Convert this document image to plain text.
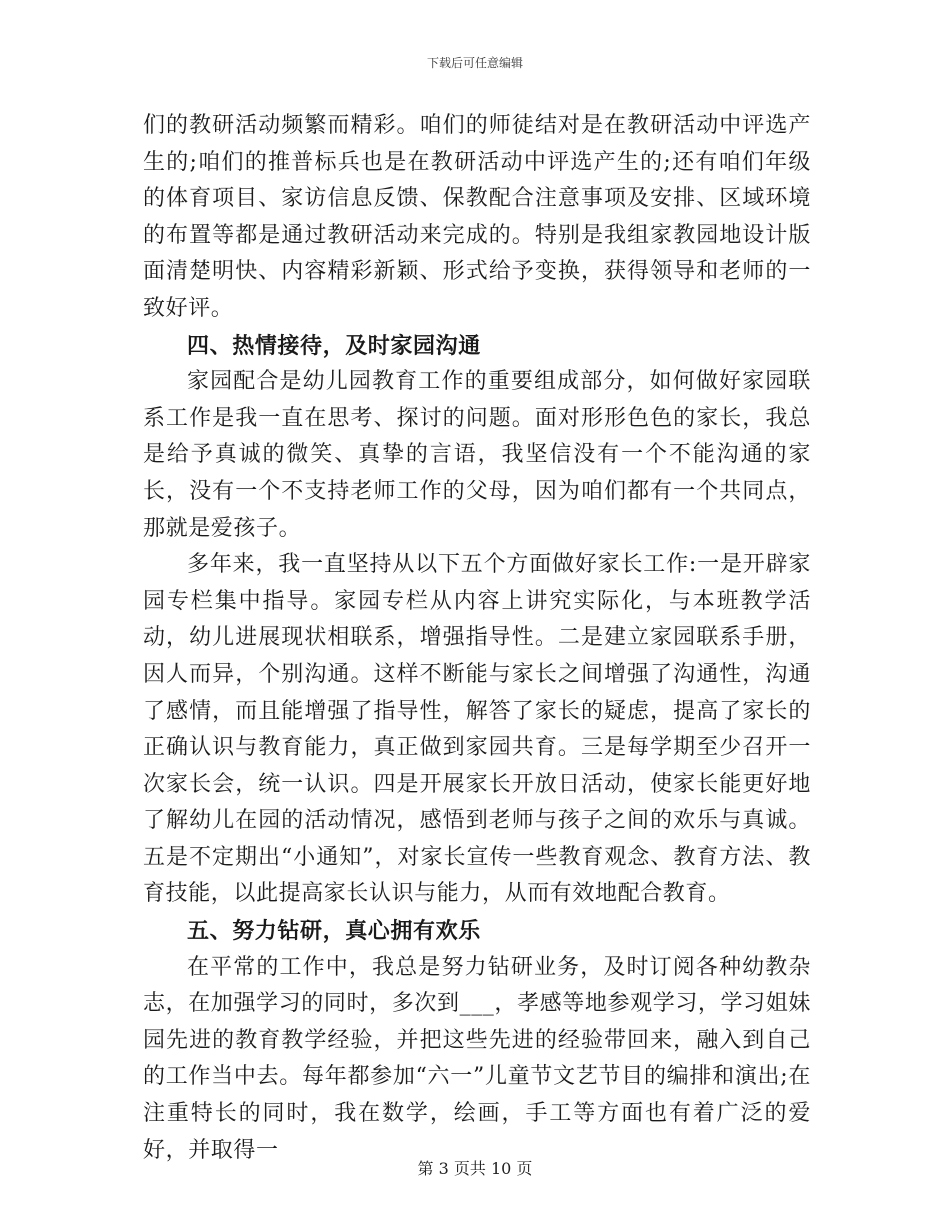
下载后可任意编辑

们的教研活动频繁而精彩。咱们的师徒结对是在教研活动中评选产生的;咱们的推普标兵也是在教研活动中评选产生的;还有咱们年级的体育项目、家访信息反馈、保教配合注意事项及安排、区域环境的布置等都是通过教研活动来完成的。特别是我组家教园地设计版面清楚明快、内容精彩新颖、形式给予变换，获得领导和老师的一致好评。

四、热情接待，及时家园沟通

家园配合是幼儿园教育工作的重要组成部分，如何做好家园联系工作是我一直在思考、探讨的问题。面对形形色色的家长，我总是给予真诚的微笑、真挚的言语，我坚信没有一个不能沟通的家长，没有一个不支持老师工作的父母，因为咱们都有一个共同点，那就是爱孩子。

多年来，我一直坚持从以下五个方面做好家长工作:一是开辟家园专栏集中指导。家园专栏从内容上讲究实际化，与本班教学活动，幼儿进展现状相联系，增强指导性。二是建立家园联系手册，因人而异，个别沟通。这样不断能与家长之间增强了沟通性，沟通了感情，而且能增强了指导性，解答了家长的疑虑，提高了家长的正确认识与教育能力，真正做到家园共育。三是每学期至少召开一次家长会，统一认识。四是开展家长开放日活动，使家长能更好地了解幼儿在园的活动情况，感悟到老师与孩子之间的欢乐与真诚。五是不定期出“小通知”，对家长宣传一些教育观念、教育方法、教育技能，以此提高家长认识与能力，从而有效地配合教育。

五、努力钻研，真心拥有欢乐

在平常的工作中，我总是努力钻研业务，及时订阅各种幼教杂志，在加强学习的同时，多次到___，孝感等地参观学习，学习姐妹园先进的教育教学经验，并把这些先进的经验带回来，融入到自己的工作当中去。每年都参加“六一”儿童节文艺节目的编排和演出;在注重特长的同时，我在数学，绘画，手工等方面也有着广泛的爱好，并取得一

第 3 页共 10 页
